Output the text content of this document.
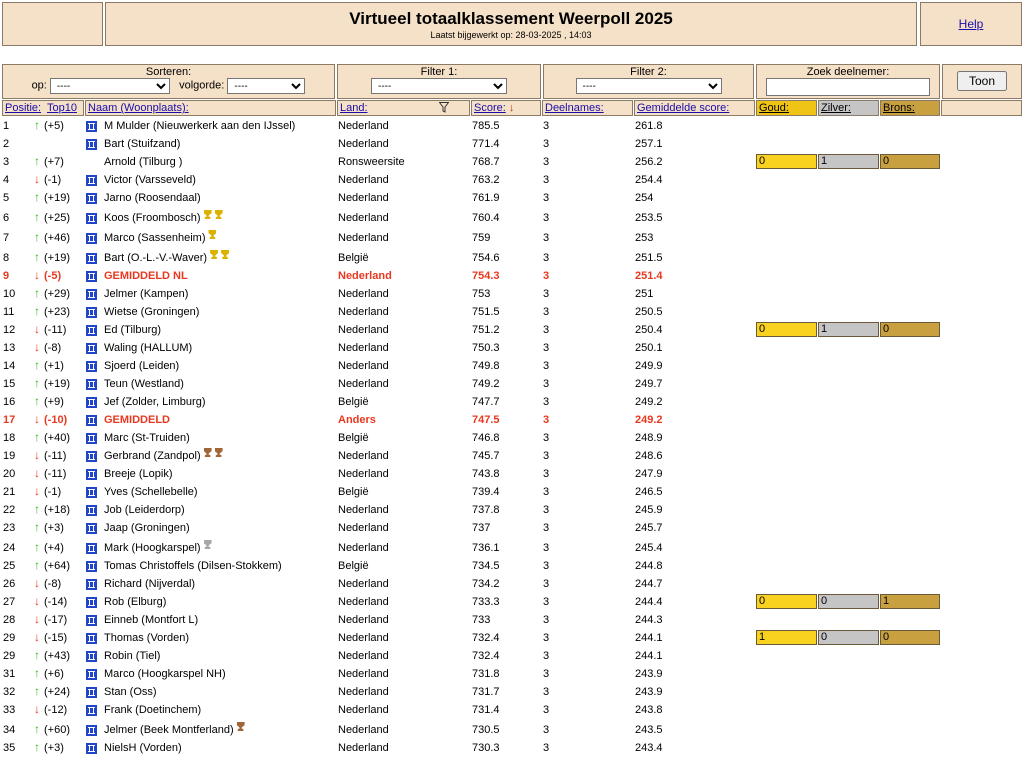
Virtueel totaalklassement Weerpoll 2025
Laatst bijgewerkt op: 28-03-2025 , 14:03
Help
Sorteren:
op:
----	volgorde:
----
Filter 1:
----	Filter 2:
----	Zoek deelnemer:
Toon
Positie: Top10	Naam (Woonplaats):	Land:	Score: ↓	Deelnames:	Gemiddelde score:	Goud:	Zilver:	Brons:
1 ↑ (+5)	M Mulder (Nieuwerkerk aan den IJssel)	Nederland	785.5	3	261.8
2	Bart (Stuifzand)	Nederland	771.4	3	257.1
3 ↑ (+7)	Arnold (Tilburg )	Ronsweersite	768.7	3	256.2	0	1	0
4 ↓ (-1)	Victor (Varsseveld)	Nederland	763.2	3	254.4
5 ↑ (+19)	Jarno (Roosendaal)	Nederland	761.9	3	254
6 ↑ (+25)	Koos (Froombosch)	Nederland	760.4	3	253.5
7 ↑ (+46)	Marco (Sassenheim)	Nederland	759	3	253
8 ↑ (+19)	Bart (O.-L.-V.-Waver)	België	754.6	3	251.5
9 ↓ (-5)	GEMIDDELD NL	Nederland	754.3	3	251.4
10 ↑ (+29)	Jelmer (Kampen)	Nederland	753	3	251
11 ↑ (+23)	Wietse (Groningen)	Nederland	751.5	3	250.5
12 ↓ (-11)	Ed (Tilburg)	Nederland	751.2	3	250.4	0	1	0
13 ↓ (-8)	Waling (HALLUM)	Nederland	750.3	3	250.1
14 ↑ (+1)	Sjoerd (Leiden)	Nederland	749.8	3	249.9
15 ↑ (+19)	Teun (Westland)	Nederland	749.2	3	249.7
16 ↑ (+9)	Jef (Zolder, Limburg)	België	747.7	3	249.2
17 ↓ (-10)	GEMIDDELD	Anders	747.5	3	249.2
18 ↑ (+40)	Marc (St-Truiden)	België	746.8	3	248.9
19 ↓ (-11)	Gerbrand (Zandpol)	Nederland	745.7	3	248.6
20 ↓ (-11)	Breeje (Lopik)	Nederland	743.8	3	247.9
21 ↓ (-1)	Yves (Schellebelle)	België	739.4	3	246.5
22 ↑ (+18)	Job (Leiderdorp)	Nederland	737.8	3	245.9
23 ↑ (+3)	Jaap (Groningen)	Nederland	737	3	245.7
24 ↑ (+4)	Mark (Hoogkarspel)	Nederland	736.1	3	245.4
25 ↑ (+64)	Tomas Christoffels (Dilsen-Stokkem)	België	734.5	3	244.8
26 ↓ (-8)	Richard (Nijverdal)	Nederland	734.2	3	244.7
27 ↓ (-14)	Rob (Elburg)	Nederland	733.3	3	244.4	0	0	1
28 ↓ (-17)	Einneb (Montfort L)	Nederland	733	3	244.3
29 ↓ (-15)	Thomas (Vorden)	Nederland	732.4	3	244.1	1	0	0
29 ↑ (+43)	Robin (Tiel)	Nederland	732.4	3	244.1
31 ↑ (+6)	Marco (Hoogkarspel NH)	Nederland	731.8	3	243.9
32 ↑ (+24)	Stan (Oss)	Nederland	731.7	3	243.9
33 ↓ (-12)	Frank (Doetinchem)	Nederland	731.4	3	243.8
34 ↑ (+60)	Jelmer (Beek Montferland)	Nederland	730.5	3	243.5
35 ↑ (+3)	NielsH (Vorden)	Nederland	730.3	3	243.4
